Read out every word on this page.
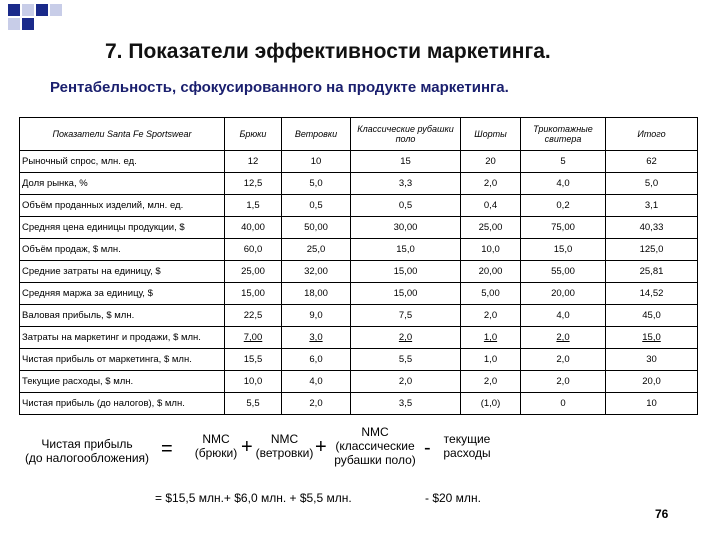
7. Показатели эффективности маркетинга.
Рентабельность, сфокусированного на продукте маркетинга.
Показатели Santa Fe Sportswear	Брюки	Ветровки	Классические рубашки поло	Шорты	Трикотажные свитера	Итого
Рыночный спрос, млн. ед.	12	10	15	20	5	62
Доля рынка, %	12,5	5,0	3,3	2,0	4,0	5,0
Объём проданных изделий, млн. ед.	1,5	0,5	0,5	0,4	0,2	3,1
Средняя цена единицы продукции, $	40,00	50,00	30,00	25,00	75,00	40,33
Объём продаж, $ млн.	60,0	25,0	15,0	10,0	15,0	125,0
Средние затраты на единицу, $	25,00	32,00	15,00	20,00	55,00	25,81
Средняя маржа за единицу, $	15,00	18,00	15,00	5,00	20,00	14,52
Валовая прибыль, $ млн.	22,5	9,0	7,5	2,0	4,0	45,0
Затраты на маркетинг и продажи, $ млн.	7,00	3,0	2,0	1,0	2,0	15,0
Чистая прибыль от маркетинга, $ млн.	15,5	6,0	5,5	1,0	2,0	30
Текущие расходы, $ млн.	10,0	4,0	2,0	2,0	2,0	20,0
Чистая прибыль (до налогов), $ млн.	5,5	2,0	3,5	(1,0)	0	10
Чистая прибыль
(до налогообложения) =	NMC
(брюки) +	NMC
(ветровки) +
NMC
(классические
рубашки поло)
-	текущие
расходы
= $15,5 млн.+ $6,0 млн. + $5,5 млн.	- $20 млн.
76
